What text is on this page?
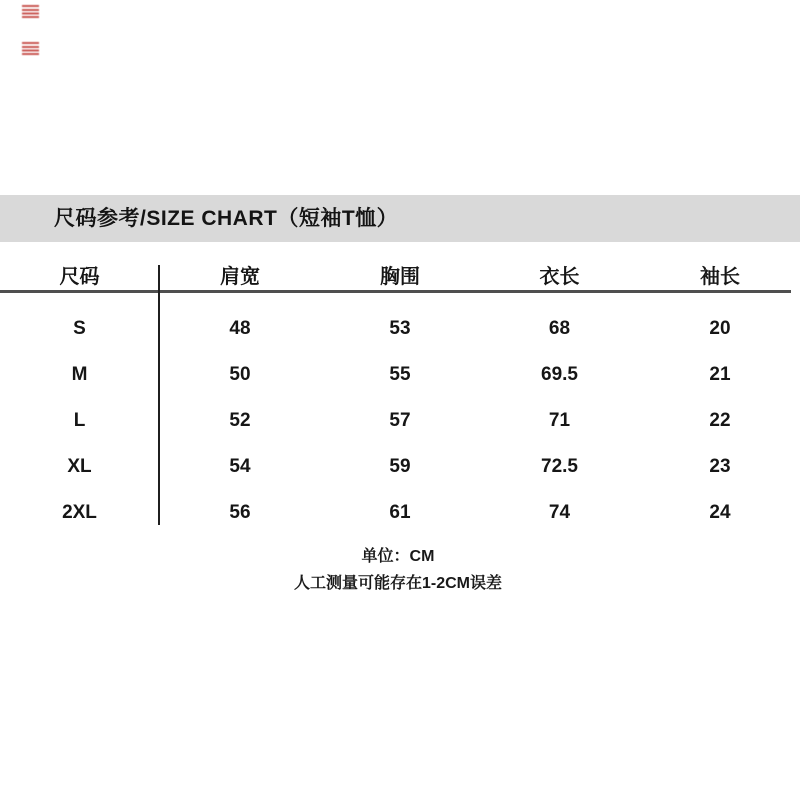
尺码参考/SIZE CHART（短袖T恤）
尺码	肩宽	胸围	衣长	袖长
S	48	53	68	20
M	50	55	69.5	21
L	52	57	71	22
XL	54	59	72.5	23
2XL	56	61	74	24
单位：CM
人工测量可能存在1-2CM误差
